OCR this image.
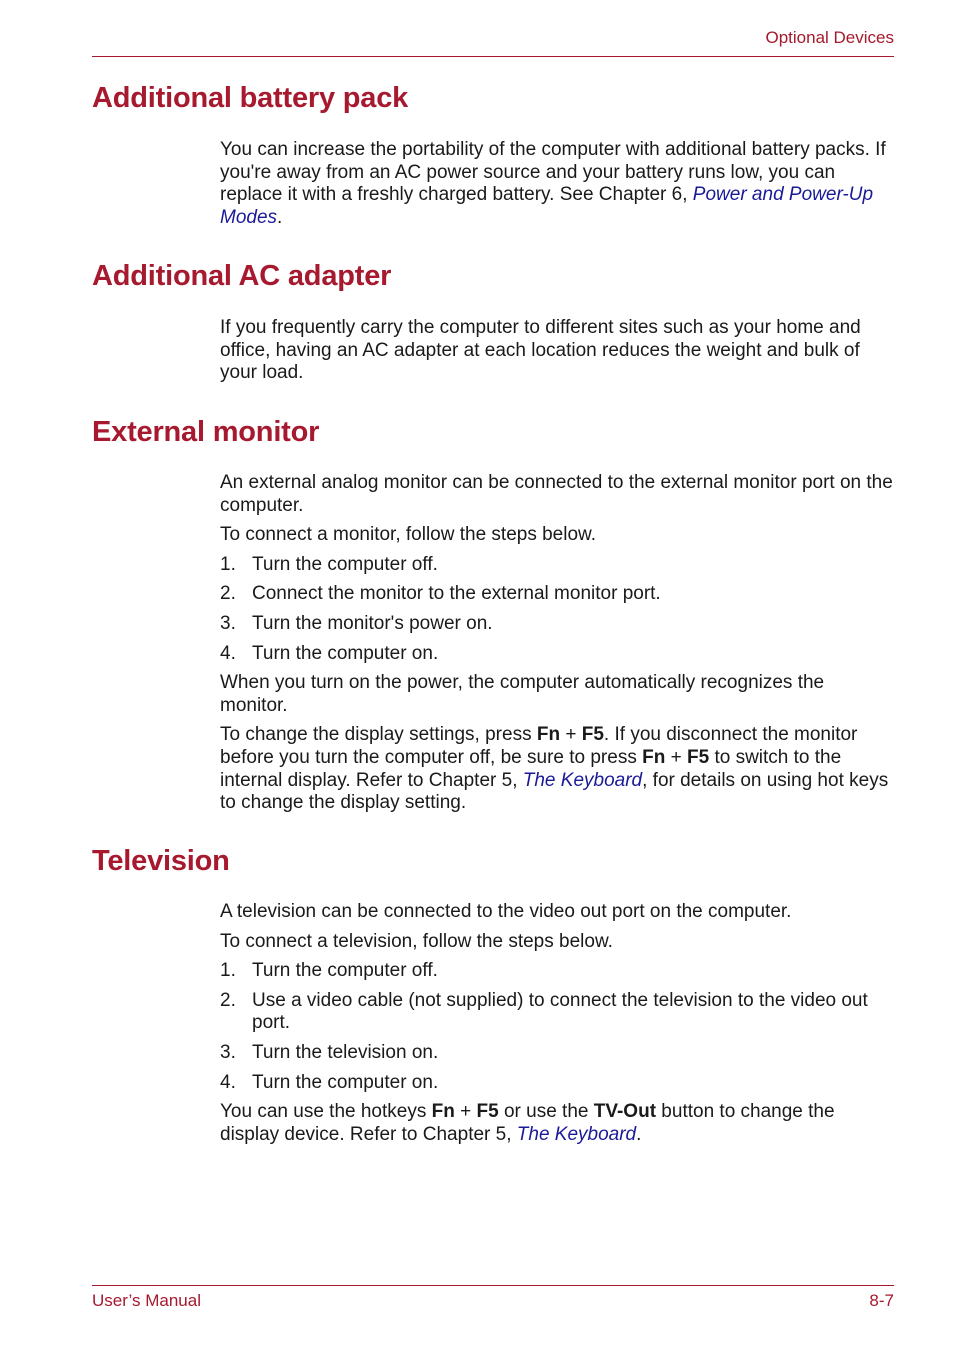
Optional Devices
Additional battery pack

You can increase the portability of the computer with additional battery packs. If you're away from an AC power source and your battery runs low, you can replace it with a freshly charged battery. See Chapter 6, Power and Power-Up Modes.

Additional AC adapter

If you frequently carry the computer to different sites such as your home and office, having an AC adapter at each location reduces the weight and bulk of your load.

External monitor

An external analog monitor can be connected to the external monitor port on the computer.

To connect a monitor, follow the steps below.

1. Turn the computer off.
2. Connect the monitor to the external monitor port.
3. Turn the monitor's power on.
4. Turn the computer on.

When you turn on the power, the computer automatically recognizes the monitor.

To change the display settings, press Fn + F5. If you disconnect the monitor before you turn the computer off, be sure to press Fn + F5 to switch to the internal display. Refer to Chapter 5, The Keyboard, for details on using hot keys to change the display setting.

Television

A television can be connected to the video out port on the computer.

To connect a television, follow the steps below.

1. Turn the computer off.
2. Use a video cable (not supplied) to connect the television to the video out port.
3. Turn the television on.
4. Turn the computer on.

You can use the hotkeys Fn + F5 or use the TV-Out button to change the display device. Refer to Chapter 5, The Keyboard.

User’s Manual	8-7
